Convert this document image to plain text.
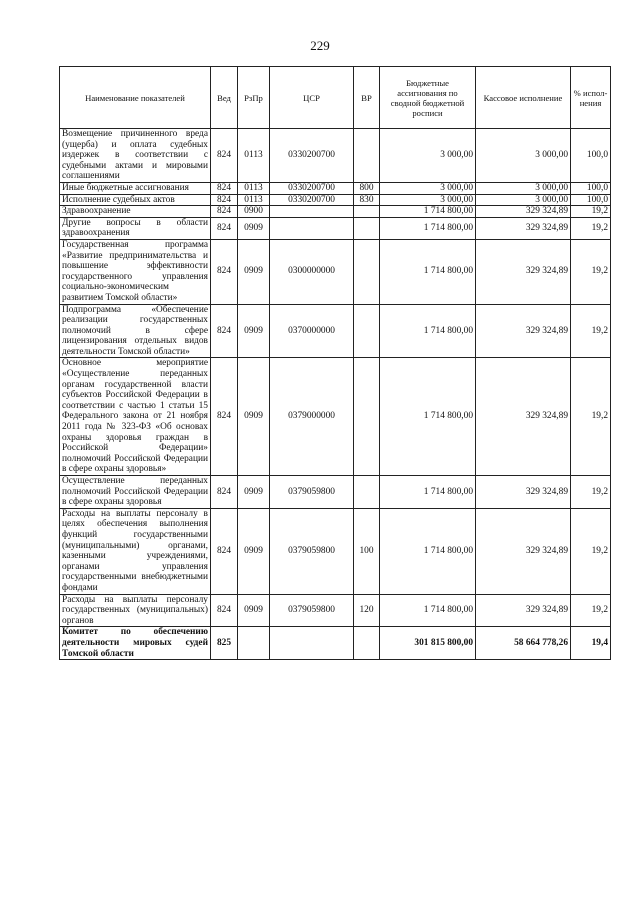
229
Наименование показателей	Вед	РзПр	ЦСР	ВР	Бюджетные ассигнования по сводной бюджетной росписи	Кассовое исполнение	% испол- нения
Возмещение причиненного вреда (ущерба) и оплата судебных издержек в соответствии с судебными актами и мировыми соглашениями	824	0113	0330200700		3 000,00	3 000,00	100,0
Иные бюджетные ассигнования	824	0113	0330200700	800	3 000,00	3 000,00	100,0
Исполнение судебных актов	824	0113	0330200700	830	3 000,00	3 000,00	100,0
Здравоохранение	824	0900			1 714 800,00	329 324,89	19,2
Другие вопросы в области здравоохранения	824	0909			1 714 800,00	329 324,89	19,2
Государственная программа «Развитие предпринимательства и повышение эффективности государственного управления социально-экономическим развитием Томской области»	824	0909	0300000000		1 714 800,00	329 324,89	19,2
Подпрограмма «Обеспечение реализации государственных полномочий в сфере лицензирования отдельных видов деятельности Томской области»	824	0909	0370000000		1 714 800,00	329 324,89	19,2
Основное мероприятие «Осуществление переданных органам государственной власти субъектов Российской Федерации в соответствии с частью 1 статьи 15 Федерального закона от 21 ноября 2011 года № 323-ФЗ «Об основах охраны здоровья граждан в Российской Федерации» полномочий Российской Федерации в сфере охраны здоровья»	824	0909	0379000000		1 714 800,00	329 324,89	19,2
Осуществление переданных полномочий Российской Федерации в сфере охраны здоровья	824	0909	0379059800		1 714 800,00	329 324,89	19,2
Расходы на выплаты персоналу в целях обеспечения выполнения функций государственными (муниципальными) органами, казенными учреждениями, органами управления государственными внебюджетными фондами	824	0909	0379059800	100	1 714 800,00	329 324,89	19,2
Расходы на выплаты персоналу государственных (муниципальных) органов	824	0909	0379059800	120	1 714 800,00	329 324,89	19,2
Комитет по обеспечению деятельности мировых судей Томской области	825				301 815 800,00	58 664 778,26	19,4
